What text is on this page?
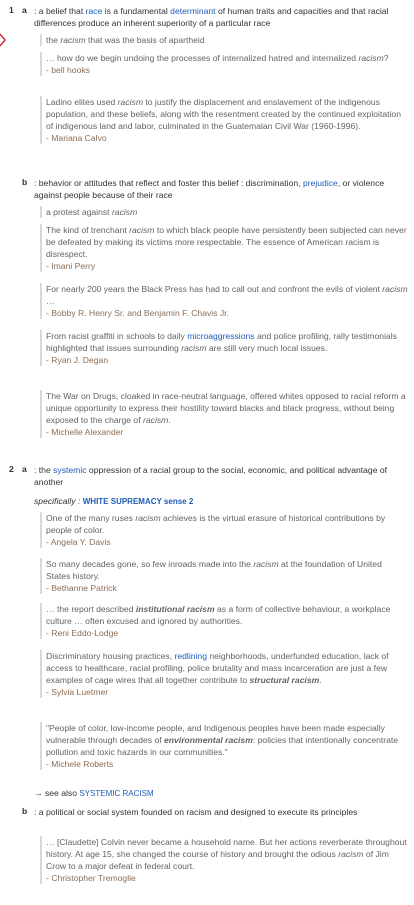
1 a : a belief that race is a fundamental determinant of human traits and capacities and that racial differences produce an inherent superiority of a particular race
the racism that was the basis of apartheid
… how do we begin undoing the processes of internalized hatred and internalized racism?
- bell hooks
Ladino elites used racism to justify the displacement and enslavement of the indigenous population, and these beliefs, along with the resentment created by the continued exploitation of indigenous land and labor, culminated in the Guatemalan Civil War (1960-1996).
- Mariana Calvo
b : behavior or attitudes that reflect and foster this belief : discrimination, prejudice, or violence against people because of their race
a protest against racism
The kind of trenchant racism to which black people have persistently been subjected can never be defeated by making its victims more respectable. The essence of American racism is disrespect.
- Imani Perry
For nearly 200 years the Black Press has had to call out and confront the evils of violent racism …
- Bobby R. Henry Sr. and Benjamin F. Chavis Jr.
From racist graffiti in schools to daily microaggressions and police profiling, rally testimonials highlighted that issues surrounding racism are still very much local issues.
- Ryan J. Degan
The War on Drugs, cloaked in race-neutral language, offered whites opposed to racial reform a unique opportunity to express their hostility toward blacks and black progress, without being exposed to the charge of racism.
- Michelle Alexander
2 a : the systemic oppression of a racial group to the social, economic, and political advantage of another
specifically : WHITE SUPREMACY sense 2
One of the many ruses racism achieves is the virtual erasure of historical contributions by people of color.
- Angela Y. Davis
So many decades gone, so few inroads made into the racism at the foundation of United States history.
- Bethanne Patrick
… the report described institutional racism as a form of collective behaviour, a workplace culture … often excused and ignored by authorities.
- Reni Eddo-Lodge
Discriminatory housing practices, redlining neighborhoods, underfunded education, lack of access to healthcare, racial profiling, police brutality and mass incarceration are just a few examples of cage wires that all together contribute to structural racism.
- Sylvia Luetmer
"People of color, low-income people, and Indigenous peoples have been made especially vulnerable through decades of environmental racism: policies that intentionally concentrate pollution and toxic hazards in our communities."
- Michele Roberts
→ see also SYSTEMIC RACISM
b : a political or social system founded on racism and designed to execute its principles
… [Claudette] Colvin never became a household name. But her actions reverberate throughout history. At age 15, she changed the course of history and brought the odious racism of Jim Crow to a major defeat in federal court.
- Christopher Tremoglie
